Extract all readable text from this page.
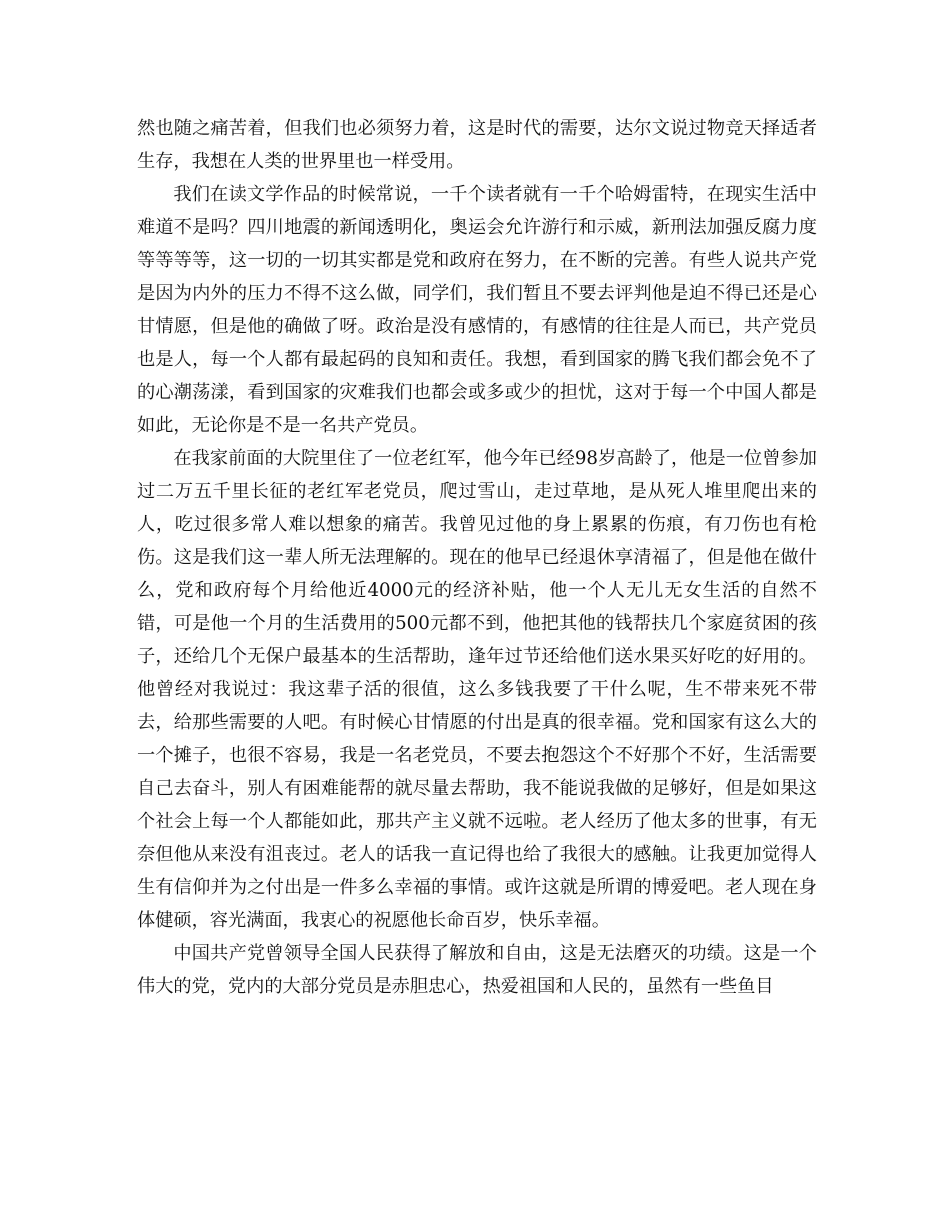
然也随之痛苦着，但我们也必须努力着，这是时代的需要，达尔文说过物竞天择适者生存，我想在人类的世界里也一样受用。

我们在读文学作品的时候常说，一千个读者就有一千个哈姆雷特，在现实生活中难道不是吗？四川地震的新闻透明化，奥运会允许游行和示威，新刑法加强反腐力度等等等等，这一切的一切其实都是党和政府在努力，在不断的完善。有些人说共产党是因为内外的压力不得不这么做，同学们，我们暂且不要去评判他是迫不得已还是心甘情愿，但是他的确做了呀。政治是没有感情的，有感情的往往是人而已，共产党员也是人，每一个人都有最起码的良知和责任。我想，看到国家的腾飞我们都会免不了的心潮荡漾，看到国家的灾难我们也都会或多或少的担忧，这对于每一个中国人都是如此，无论你是不是一名共产党员。

在我家前面的大院里住了一位老红军，他今年已经98岁高龄了，他是一位曾参加过二万五千里长征的老红军老党员，爬过雪山，走过草地，是从死人堆里爬出来的人，吃过很多常人难以想象的痛苦。我曾见过他的身上累累的伤痕，有刀伤也有枪伤。这是我们这一辈人所无法理解的。现在的他早已经退休享清福了，但是他在做什么，党和政府每个月给他近4000元的经济补贴，他一个人无儿无女生活的自然不错，可是他一个月的生活费用的500元都不到，他把其他的钱帮扶几个家庭贫困的孩子，还给几个无保户最基本的生活帮助，逢年过节还给他们送水果买好吃的好用的。他曾经对我说过：我这辈子活的很值，这么多钱我要了干什么呢，生不带来死不带去，给那些需要的人吧。有时候心甘情愿的付出是真的很幸福。党和国家有这么大的一个摊子，也很不容易，我是一名老党员，不要去抱怨这个不好那个不好，生活需要自己去奋斗，别人有困难能帮的就尽量去帮助，我不能说我做的足够好，但是如果这个社会上每一个人都能如此，那共产主义就不远啦。老人经历了他太多的世事，有无奈但他从来没有沮丧过。老人的话我一直记得也给了我很大的感触。让我更加觉得人生有信仰并为之付出是一件多么幸福的事情。或许这就是所谓的博爱吧。老人现在身体健硕，容光满面，我衷心的祝愿他长命百岁，快乐幸福。

中国共产党曾领导全国人民获得了解放和自由，这是无法磨灭的功绩。这是一个伟大的党，党内的大部分党员是赤胆忠心，热爱祖国和人民的，虽然有一些鱼目
